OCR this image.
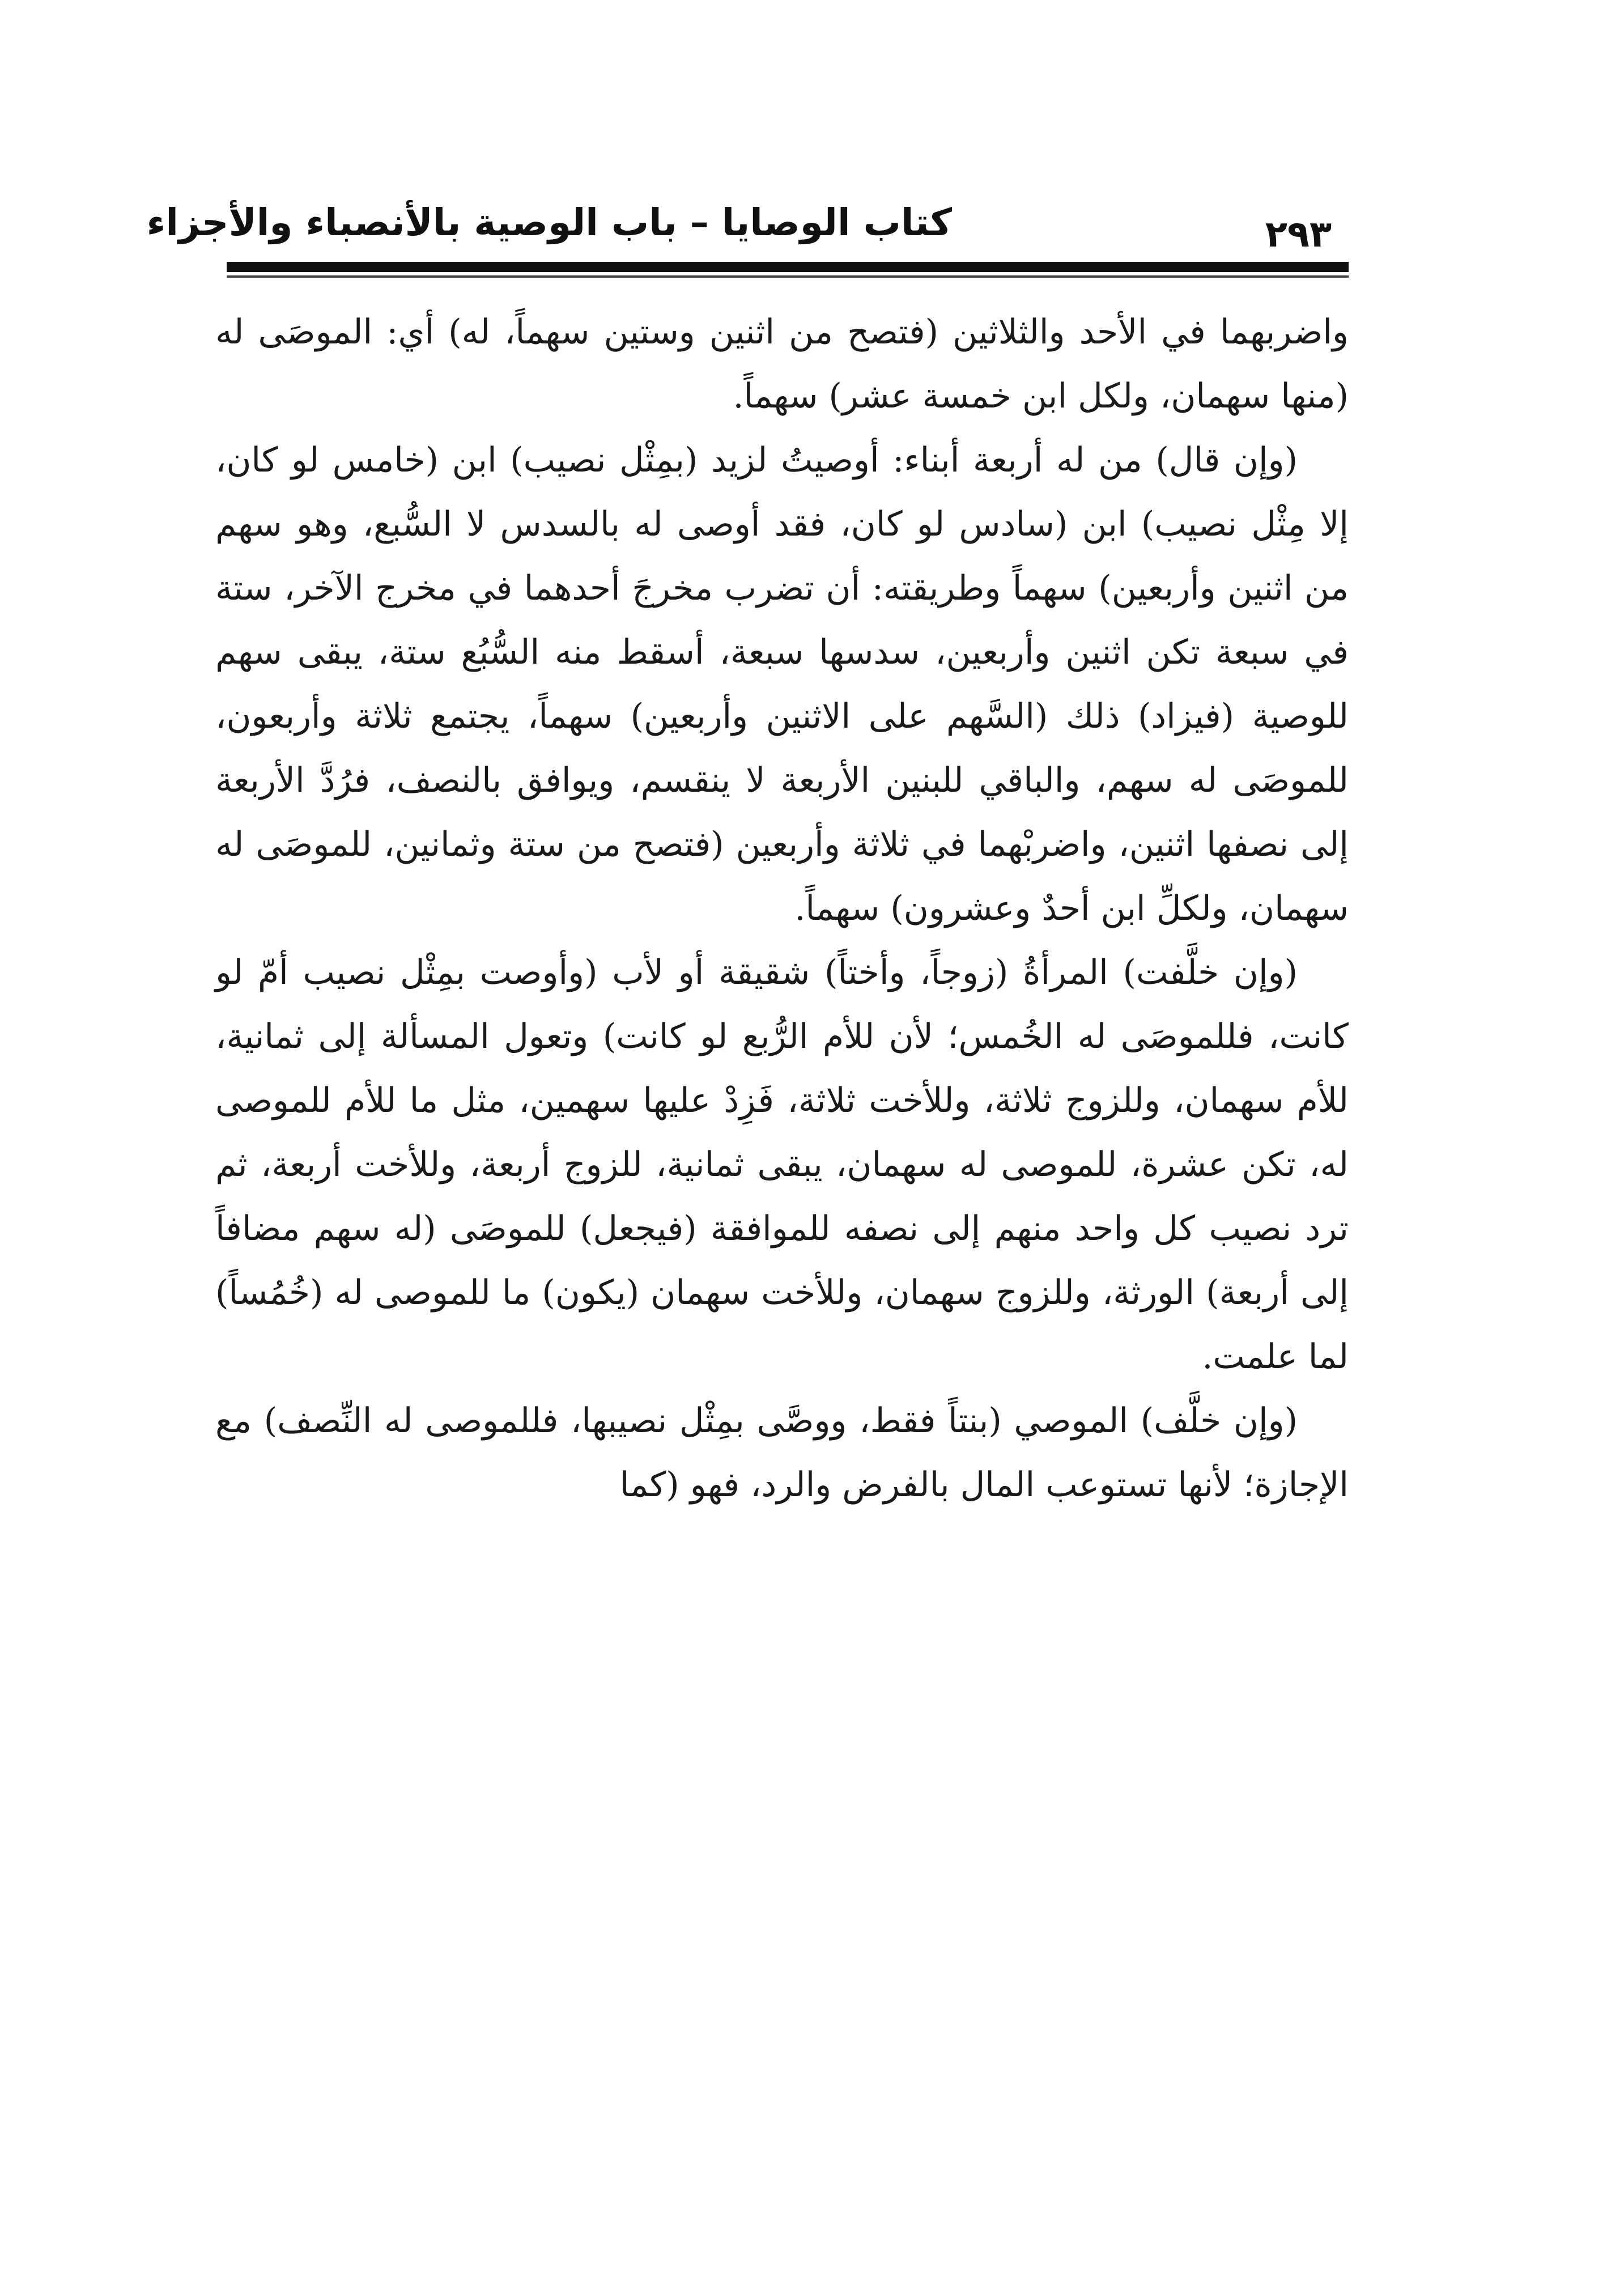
كتاب الوصايا – باب الوصية بالأنصباء والأجزاء	٢٩٣

واضربهما في الأحد والثلاثين (فتصح من اثنين وستين سهماً، له) أي: الموصَى له (منها سهمان، ولكل ابن خمسة عشر) سهماً.

(وإن قال) من له أربعة أبناء: أوصيتُ لزيد (بمِثْل نصيب) ابن (خامس لو كان، إلا مِثْل نصيب) ابن (سادس لو كان، فقد أوصى له بالسدس لا السُّبع، وهو سهم من اثنين وأربعين) سهماً وطريقته: أن تضرب مخرجَ أحدهما في مخرج الآخر، ستة في سبعة تكن اثنين وأربعين، سدسها سبعة، أسقط منه السُّبُع ستة، يبقى سهم للوصية (فيزاد) ذلك (السَّهم على الاثنين وأربعين) سهماً، يجتمع ثلاثة وأربعون، للموصَى له سهم، والباقي للبنين الأربعة لا ينقسم، ويوافق بالنصف، فرُدَّ الأربعة إلى نصفها اثنين، واضربْهما في ثلاثة وأربعين (فتصح من ستة وثمانين، للموصَى له سهمان، ولكلِّ ابن أحدٌ وعشرون) سهماً.

(وإن خلَّفت) المرأةُ (زوجاً، وأختاً) شقيقة أو لأب (وأوصت بمِثْل نصيب أمّ لو كانت، فللموصَى له الخُمس؛ لأن للأم الرُّبع لو كانت) وتعول المسألة إلى ثمانية، للأم سهمان، وللزوج ثلاثة، وللأخت ثلاثة، فَزِدْ عليها سهمين، مثل ما للأم للموصى له، تكن عشرة، للموصى له سهمان، يبقى ثمانية، للزوج أربعة، وللأخت أربعة، ثم ترد نصيب كل واحد منهم إلى نصفه للموافقة (فيجعل) للموصَى (له سهم مضافاً إلى أربعة) الورثة، وللزوج سهمان، وللأخت سهمان (يكون) ما للموصى له (خُمُساً) لما علمت.

(وإن خلَّف) الموصي (بنتاً فقط، ووصَّى بمِثْل نصيبها، فللموصى له النِّصف) مع الإجازة؛ لأنها تستوعب المال بالفرض والرد، فهو (كما
